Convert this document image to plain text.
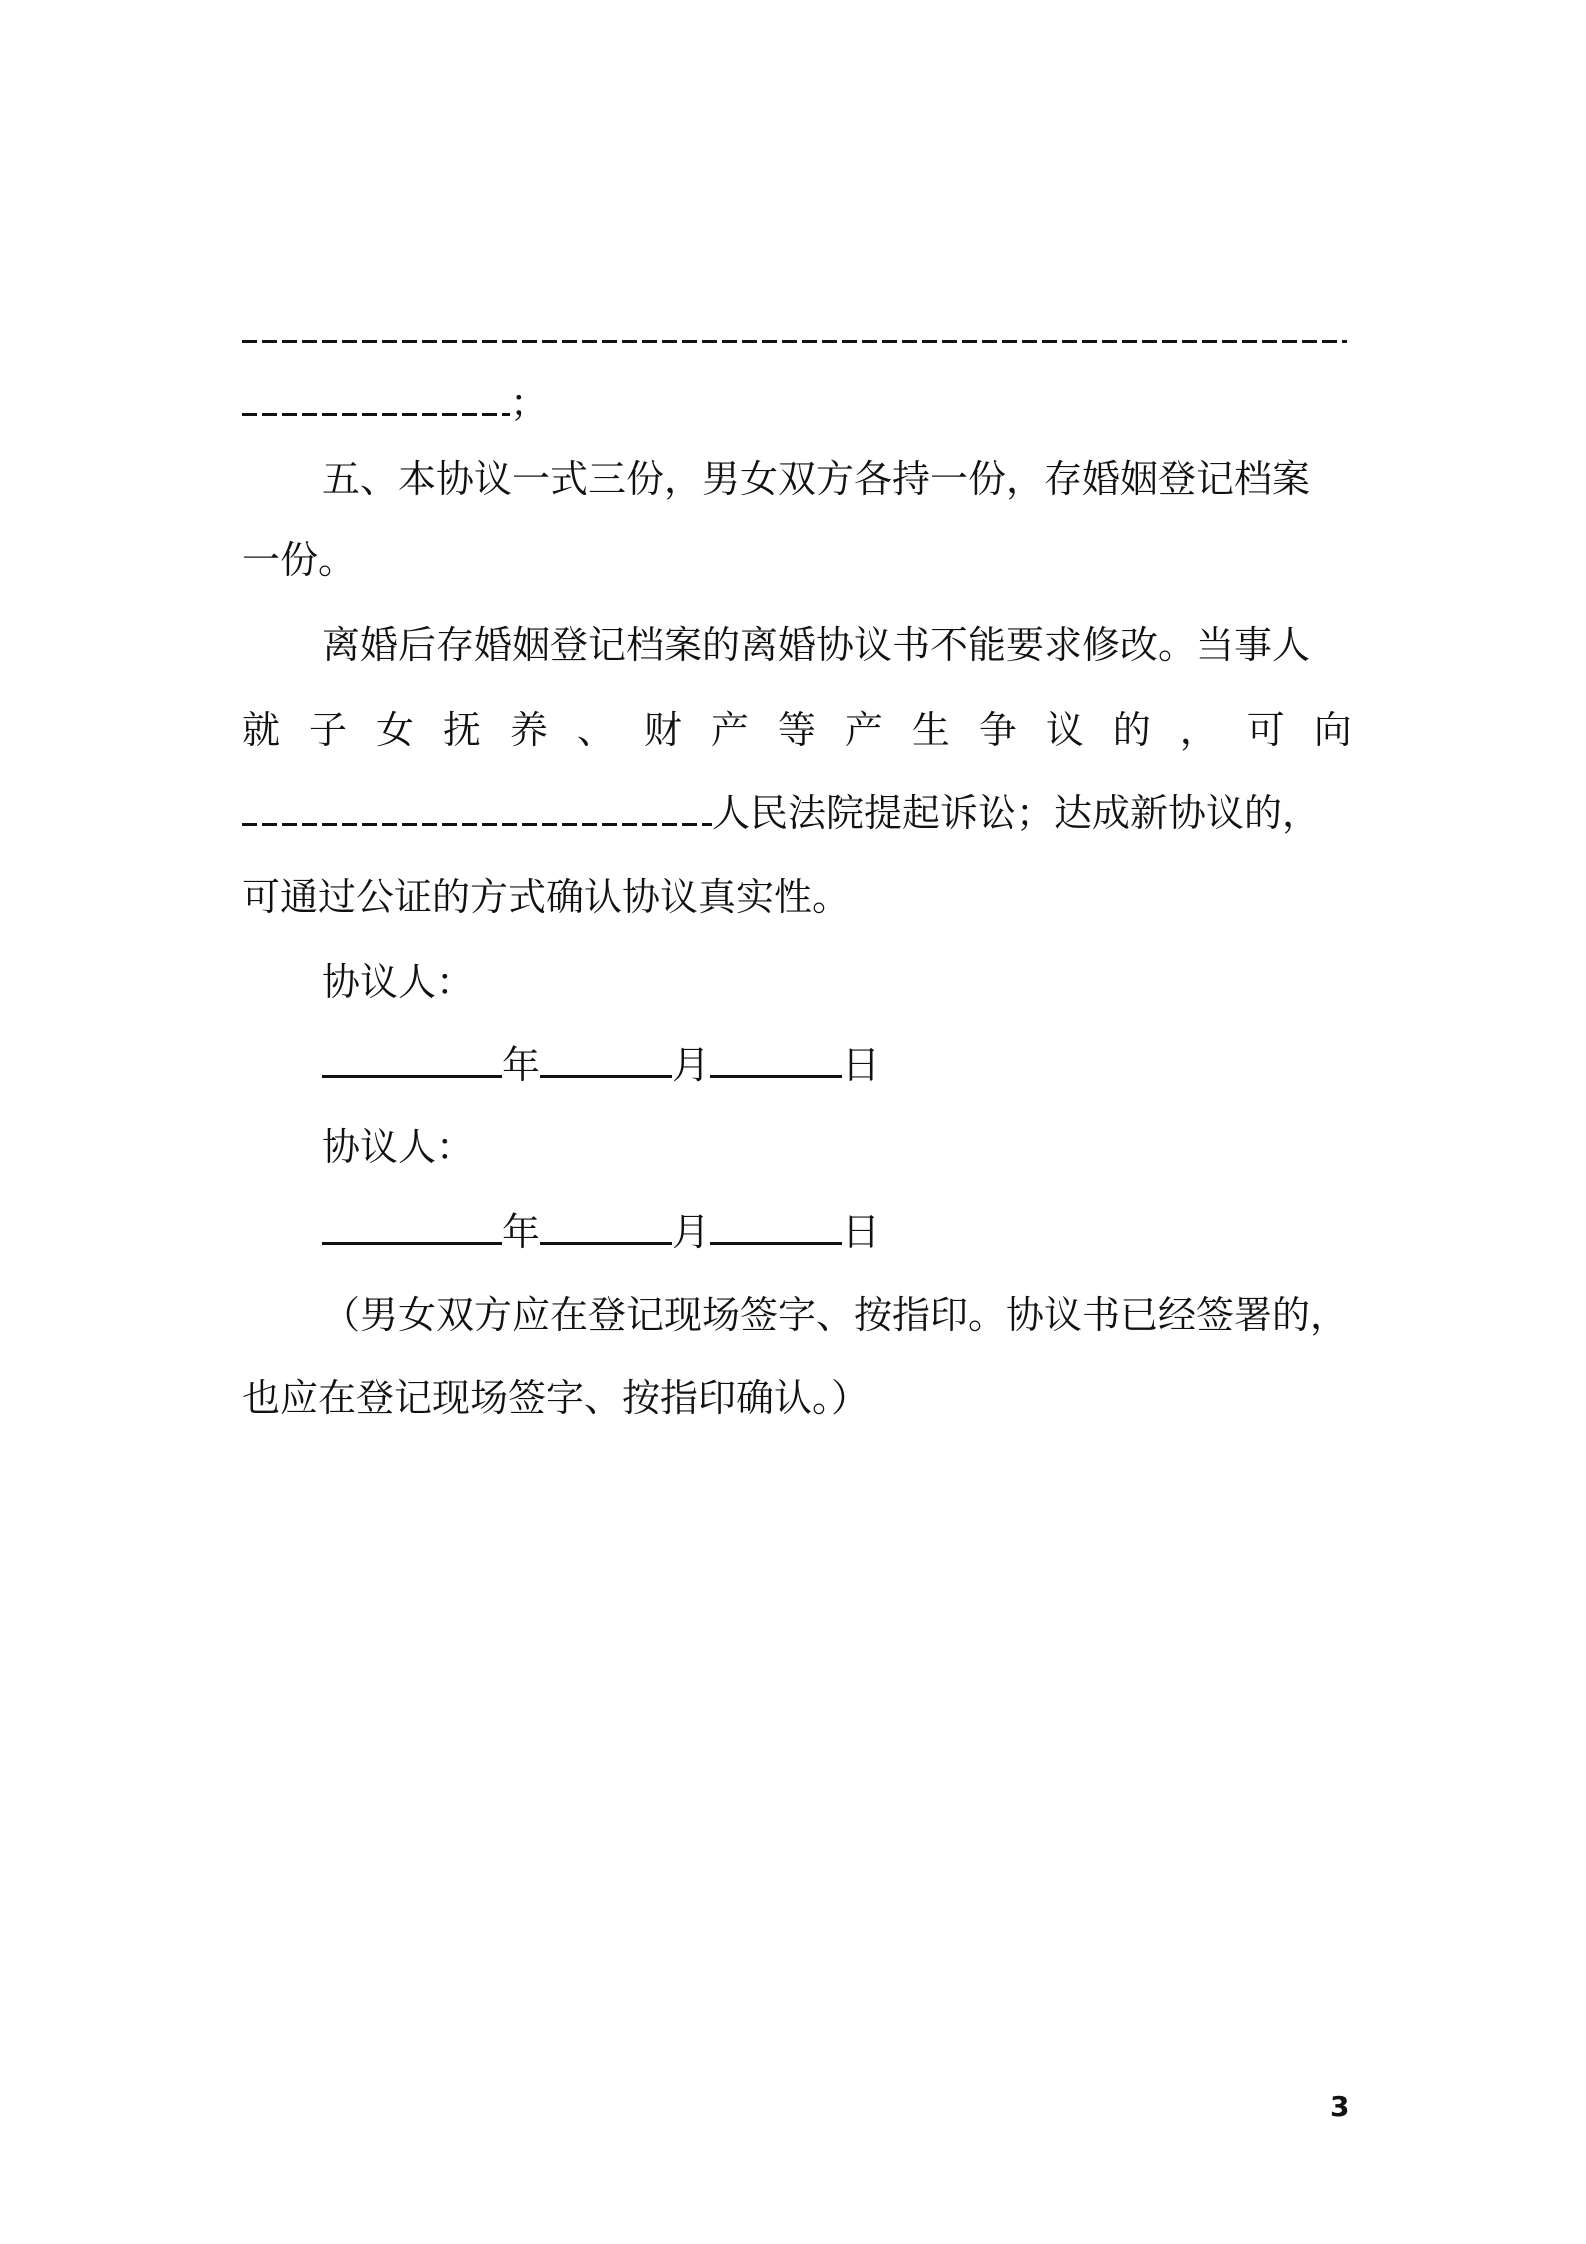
；
五、本协议一式三份，男女双方各持一份，存婚姻登记档案
一份。
离婚后存婚姻登记档案的离婚协议书不能要求修改。当事人
就 子 女 抚 养 、 财 产 等 产 生 争 议 的 ， 可 向
人民法院提起诉讼；达成新协议的，
可通过公证的方式确认协议真实性。
协议人：
年	月	日
协议人：
年	月	日
（男女双方应在登记现场签字、按指印。协议书已经签署的，
也应在登记现场签字、按指印确认。）
3
